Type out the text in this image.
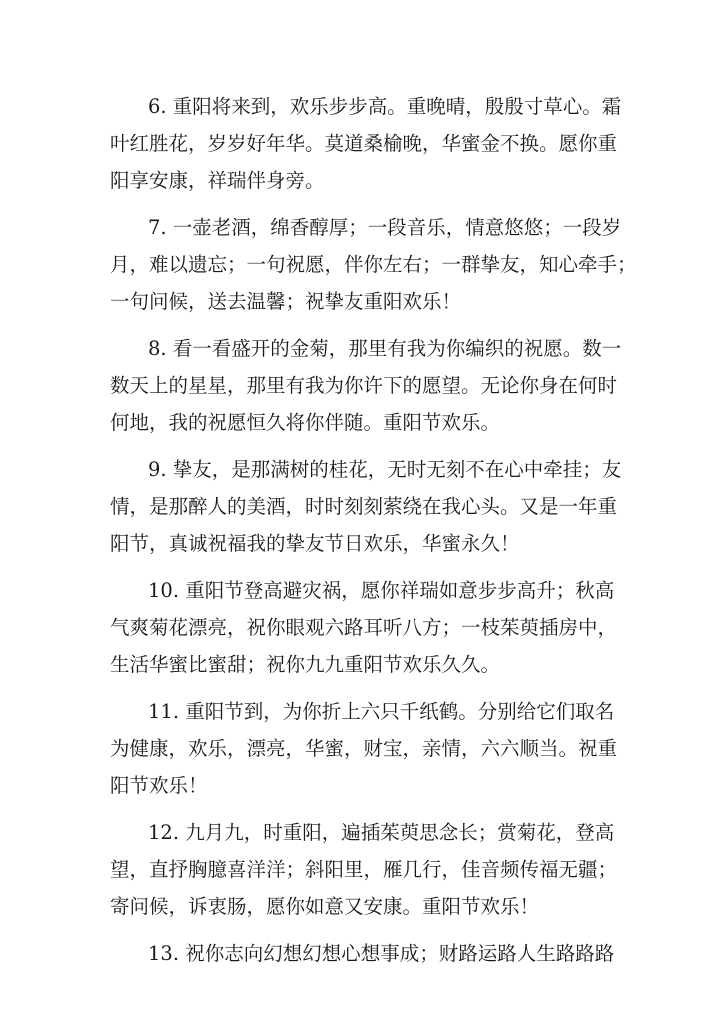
6. 重阳将来到，欢乐步步高。重晚晴，殷殷寸草心。霜
叶红胜花，岁岁好年华。莫道桑榆晚，华蜜金不换。愿你重
阳享安康，祥瑞伴身旁。
7. 一壶老酒，绵香醇厚；一段音乐，情意悠悠；一段岁
月，难以遗忘；一句祝愿，伴你左右；一群挚友，知心牵手；
一句问候，送去温馨；祝挚友重阳欢乐！
8. 看一看盛开的金菊，那里有我为你编织的祝愿。数一
数天上的星星，那里有我为你许下的愿望。无论你身在何时
何地，我的祝愿恒久将你伴随。重阳节欢乐。
9. 挚友，是那满树的桂花，无时无刻不在心中牵挂；友
情，是那醉人的美酒，时时刻刻萦绕在我心头。又是一年重
阳节，真诚祝福我的挚友节日欢乐，华蜜永久！
10. 重阳节登高避灾祸，愿你祥瑞如意步步高升；秋高
气爽菊花漂亮，祝你眼观六路耳听八方；一枝茱萸插房中，
生活华蜜比蜜甜；祝你九九重阳节欢乐久久。
11. 重阳节到，为你折上六只千纸鹤。分别给它们取名
为健康，欢乐，漂亮，华蜜，财宝，亲情，六六顺当。祝重
阳节欢乐！
12. 九月九，时重阳，遍插茱萸思念长；赏菊花，登高
望，直抒胸臆喜洋洋；斜阳里，雁几行，佳音频传福无疆；
寄问候，诉衷肠，愿你如意又安康。重阳节欢乐！
13. 祝你志向幻想幻想心想事成；财路运路人生路路路
